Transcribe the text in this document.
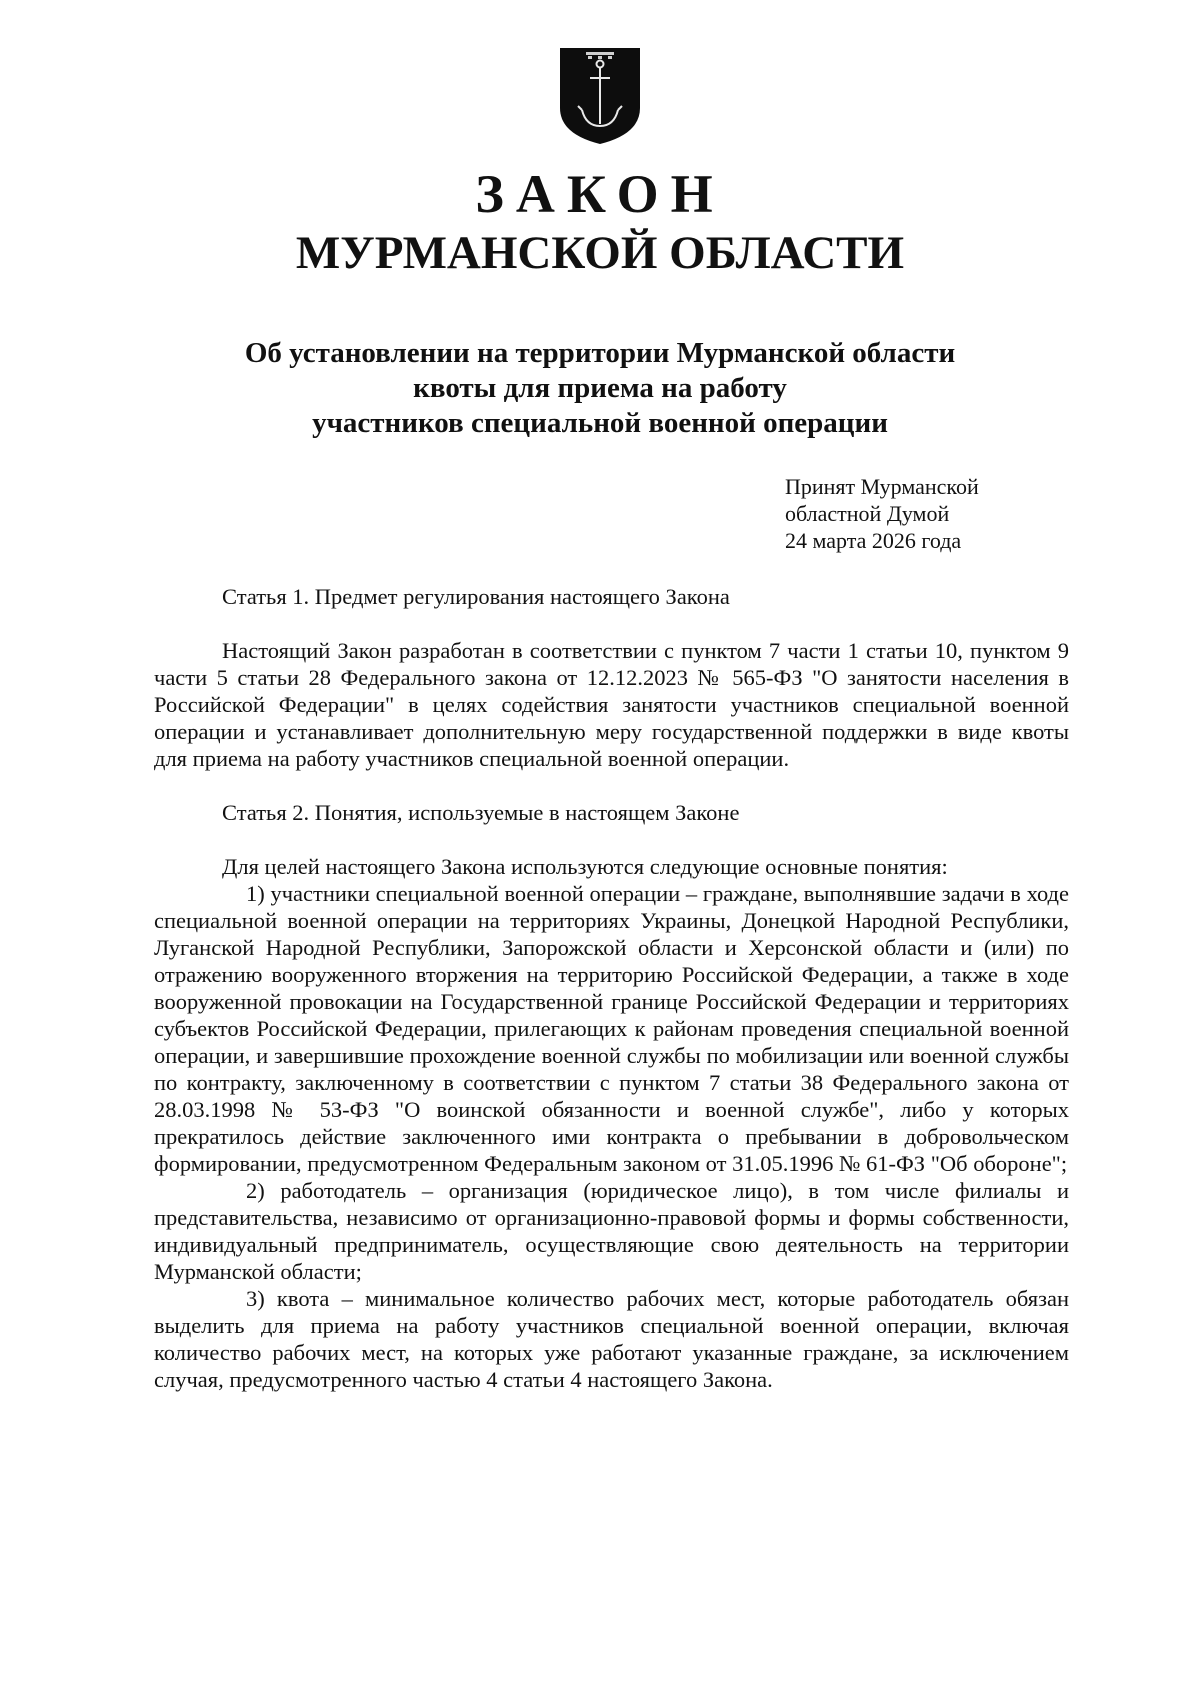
ЗАКОН
МУРМАНСКОЙ ОБЛАСТИ
Об установлении на территории Мурманской области
квоты для приема на работу
участников специальной военной операции
Принят Мурманской
областной Думой
24 марта 2026 года

Статья 1. Предмет регулирования настоящего Закона

Настоящий Закон разработан в соответствии с пунктом 7 части 1 статьи 10, пунктом 9 части 5 статьи 28 Федерального закона от 12.12.2023 № 565-ФЗ "О занятости населения в Российской Федерации" в целях содействия занятости участников специальной военной операции и устанавливает дополнительную меру государственной поддержки в виде квоты для приема на работу участников специальной военной операции.

Статья 2. Понятия, используемые в настоящем Законе

Для целей настоящего Закона используются следующие основные понятия:

1) участники специальной военной операции – граждане, выполнявшие задачи в ходе специальной военной операции на территориях Украины, Донецкой Народной Республики, Луганской Народной Республики, Запорожской области и Херсонской области и (или) по отражению вооруженного вторжения на территорию Российской Федерации, а также в ходе вооруженной провокации на Государственной границе Российской Федерации и территориях субъектов Российской Федерации, прилегающих к районам проведения специальной военной операции, и завершившие прохождение военной службы по мобилизации или военной службы по контракту, заключенному в соответствии с пунктом 7 статьи 38 Федерального закона от 28.03.1998 № 53-ФЗ "О воинской обязанности и военной службе", либо у которых прекратилось действие заключенного ими контракта о пребывании в добровольческом формировании, предусмотренном Федеральным законом от 31.05.1996 № 61-ФЗ "Об обороне";

2) работодатель – организация (юридическое лицо), в том числе филиалы и представительства, независимо от организационно-правовой формы и формы собственности, индивидуальный предприниматель, осуществляющие свою деятельность на территории Мурманской области;

3) квота – минимальное количество рабочих мест, которые работодатель обязан выделить для приема на работу участников специальной военной операции, включая количество рабочих мест, на которых уже работают указанные граждане, за исключением случая, предусмотренного частью 4 статьи 4 настоящего Закона.
